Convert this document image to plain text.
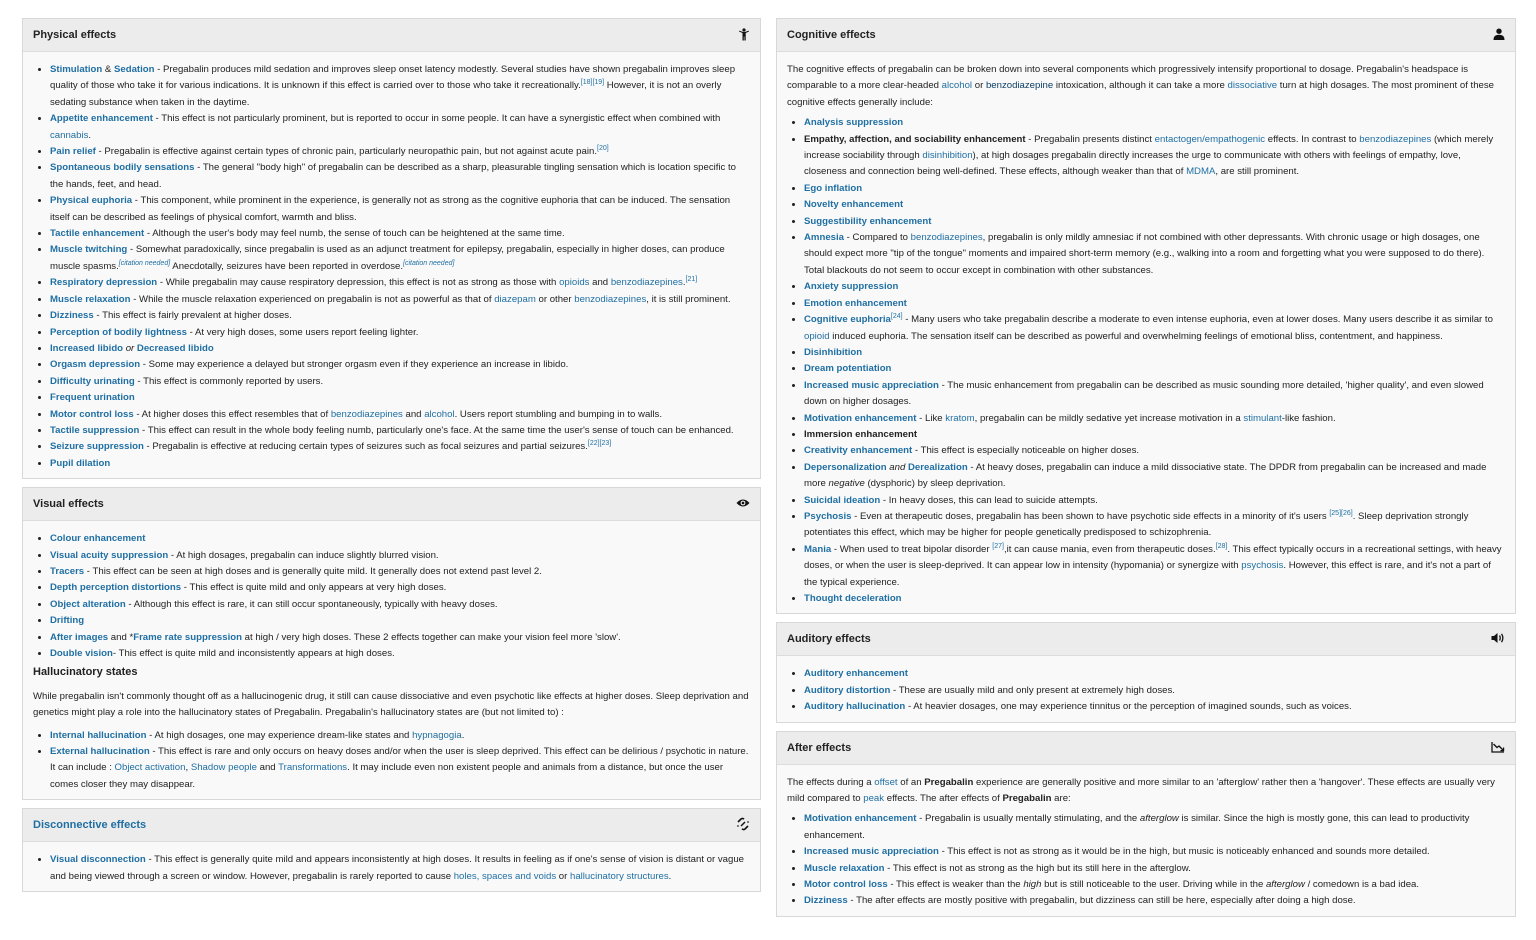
Physical effects
• Stimulation & Sedation - Pregabalin produces mild sedation and improves sleep onset latency modestly. Several studies have shown pregabalin improves sleep quality of those who take it for various indications. It is unknown if this effect is carried over to those who take it recreationally.[18][19] However, it is not an overly sedating substance when taken in the daytime.
• Appetite enhancement - This effect is not particularly prominent, but is reported to occur in some people. It can have a synergistic effect when combined with cannabis.
• Pain relief - Pregabalin is effective against certain types of chronic pain, particularly neuropathic pain, but not against acute pain.[20]
• Spontaneous bodily sensations - The general "body high" of pregabalin can be described as a sharp, pleasurable tingling sensation which is location specific to the hands, feet, and head.
• Physical euphoria - This component, while prominent in the experience, is generally not as strong as the cognitive euphoria that can be induced. The sensation itself can be described as feelings of physical comfort, warmth and bliss.
• Tactile enhancement - Although the user's body may feel numb, the sense of touch can be heightened at the same time.
• Muscle twitching - Somewhat paradoxically, since pregabalin is used as an adjunct treatment for epilepsy, pregabalin, especially in higher doses, can produce muscle spasms.[citation needed] Anecdotally, seizures have been reported in overdose.[citation needed]
• Respiratory depression - While pregabalin may cause respiratory depression, this effect is not as strong as those with opioids and benzodiazepines.[21]
• Muscle relaxation - While the muscle relaxation experienced on pregabalin is not as powerful as that of diazepam or other benzodiazepines, it is still prominent.
• Dizziness - This effect is fairly prevalent at higher doses.
• Perception of bodily lightness - At very high doses, some users report feeling lighter.
• Increased libido or Decreased libido
• Orgasm depression - Some may experience a delayed but stronger orgasm even if they experience an increase in libido.
• Difficulty urinating - This effect is commonly reported by users.
• Frequent urination
• Motor control loss - At higher doses this effect resembles that of benzodiazepines and alcohol. Users report stumbling and bumping in to walls.
• Tactile suppression - This effect can result in the whole body feeling numb, particularly one's face. At the same time the user's sense of touch can be enhanced.
• Seizure suppression - Pregabalin is effective at reducing certain types of seizures such as focal seizures and partial seizures.[22][23]
• Pupil dilation
Visual effects
• Colour enhancement
• Visual acuity suppression - At high dosages, pregabalin can induce slightly blurred vision.
• Tracers - This effect can be seen at high doses and is generally quite mild. It generally does not extend past level 2.
• Depth perception distortions - This effect is quite mild and only appears at very high doses.
• Object alteration - Although this effect is rare, it can still occur spontaneously, typically with heavy doses.
• Drifting
• After images and *Frame rate suppression at high / very high doses. These 2 effects together can make your vision feel more 'slow'.
• Double vision- This effect is quite mild and inconsistently appears at high doses.
Hallucinatory states

While pregabalin isn't commonly thought off as a hallucinogenic drug, it still can cause dissociative and even psychotic like effects at higher doses. Sleep deprivation and genetics might play a role into the hallucinatory states of Pregabalin. Pregabalin's hallucinatory states are (but not limited to) :

• Internal hallucination - At high dosages, one may experience dream-like states and hypnagogia.
• External hallucination - This effect is rare and only occurs on heavy doses and/or when the user is sleep deprived. This effect can be delirious / psychotic in nature. It can include : Object activation, Shadow people and Transformations. It may include even non existent people and animals from a distance, but once the user comes closer they may disappear.
Disconnective effects
• Visual disconnection - This effect is generally quite mild and appears inconsistently at high doses. It results in feeling as if one's sense of vision is distant or vague and being viewed through a screen or window. However, pregabalin is rarely reported to cause holes, spaces and voids or hallucinatory structures.
Cognitive effects

The cognitive effects of pregabalin can be broken down into several components which progressively intensify proportional to dosage. Pregabalin's headspace is comparable to a more clear-headed alcohol or benzodiazepine intoxication, although it can take a more dissociative turn at high dosages. The most prominent of these cognitive effects generally include:

• Analysis suppression
• Empathy, affection, and sociability enhancement - Pregabalin presents distinct entactogen/empathogenic effects. In contrast to benzodiazepines (which merely increase sociability through disinhibition), at high dosages pregabalin directly increases the urge to communicate with others with feelings of empathy, love, closeness and connection being well-defined. These effects, although weaker than that of MDMA, are still prominent.
• Ego inflation
• Novelty enhancement
• Suggestibility enhancement
• Amnesia - Compared to benzodiazepines, pregabalin is only mildly amnesiac if not combined with other depressants. With chronic usage or high dosages, one should expect more "tip of the tongue" moments and impaired short-term memory (e.g., walking into a room and forgetting what you were supposed to do there). Total blackouts do not seem to occur except in combination with other substances.
• Anxiety suppression
• Emotion enhancement
• Cognitive euphoria[24] - Many users who take pregabalin describe a moderate to even intense euphoria, even at lower doses. Many users describe it as similar to opioid induced euphoria. The sensation itself can be described as powerful and overwhelming feelings of emotional bliss, contentment, and happiness.
• Disinhibition
• Dream potentiation
• Increased music appreciation - The music enhancement from pregabalin can be described as music sounding more detailed, 'higher quality', and even slowed down on higher dosages.
• Motivation enhancement - Like kratom, pregabalin can be mildly sedative yet increase motivation in a stimulant-like fashion.
• Immersion enhancement
• Creativity enhancement - This effect is especially noticeable on higher doses.
• Depersonalization and Derealization - At heavy doses, pregabalin can induce a mild dissociative state. The DPDR from pregabalin can be increased and made more negative (dysphoric) by sleep deprivation.
• Suicidal ideation - In heavy doses, this can lead to suicide attempts.
• Psychosis - Even at therapeutic doses, pregabalin has been shown to have psychotic side effects in a minority of it's users [25][26]. Sleep deprivation strongly potentiates this effect, which may be higher for people genetically predisposed to schizophrenia.
• Mania - When used to treat bipolar disorder [27],it can cause mania, even from therapeutic doses.[28]. This effect typically occurs in a recreational settings, with heavy doses, or when the user is sleep-deprived. It can appear low in intensity (hypomania) or synergize with psychosis. However, this effect is rare, and it's not a part of the typical experience.
• Thought deceleration
Auditory effects
• Auditory enhancement
• Auditory distortion - These are usually mild and only present at extremely high doses.
• Auditory hallucination - At heavier dosages, one may experience tinnitus or the perception of imagined sounds, such as voices.
After effects

The effects during a offset of an Pregabalin experience are generally positive and more similar to an 'afterglow' rather then a 'hangover'. These effects are usually very mild compared to peak effects. The after effects of Pregabalin are:

• Motivation enhancement - Pregabalin is usually mentally stimulating, and the afterglow is similar. Since the high is mostly gone, this can lead to productivity enhancement.
• Increased music appreciation - This effect is not as strong as it would be in the high, but music is noticeably enhanced and sounds more detailed.
• Muscle relaxation - This effect is not as strong as the high but its still here in the afterglow.
• Motor control loss - This effect is weaker than the high but is still noticeable to the user. Driving while in the afterglow / comedown is a bad idea.
• Dizziness - The after effects are mostly positive with pregabalin, but dizziness can still be here, especially after doing a high dose.
